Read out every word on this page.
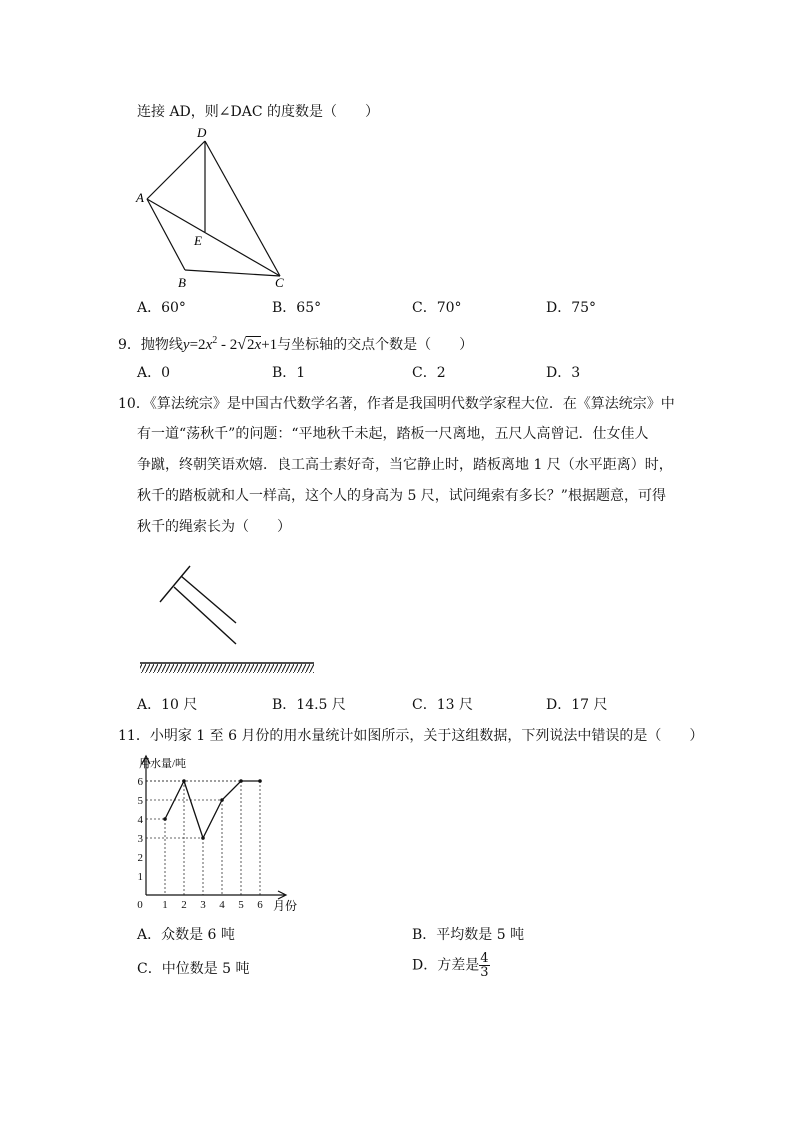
连接 AD，则∠DAC 的度数是（　　）
D
A
E
B	C
A．60°	B．65°	C．70°	D．75°
9．抛物线$y=2x^2 - 2√2x+1$与坐标轴的交点个数是（　　）
A．0	B．1	C．2	D．3
10．《算法统宗》是中国古代数学名著，作者是我国明代数学家程大位．在《算法统宗》中
有一道“荡秋千”的问题：“平地秋千未起，踏板一尺离地，五尺人高曾记．仕女佳人
争蹴，终朝笑语欢嬉．良工高士素好奇，当它静止时，踏板离地 1 尺（水平距离）时，
秋千的踏板就和人一样高，这个人的身高为 5 尺，试问绳索有多长？”根据题意，可得
秋千的绳索长为（　　）
A．10 尺	B．14.5 尺	C．13 尺	D．17 尺
11．小明家 1 至 6 月份的用水量统计如图所示，关于这组数据，下列说法中错误的是（　　）
1
2
3
4
5
6
0 1 2 3 4 5 6
用水量/吨
月份
A．众数是 6 吨	B．平均数是 5 吨
C．中位数是 5 吨	D．方差是 $\frac{4}{3}$
